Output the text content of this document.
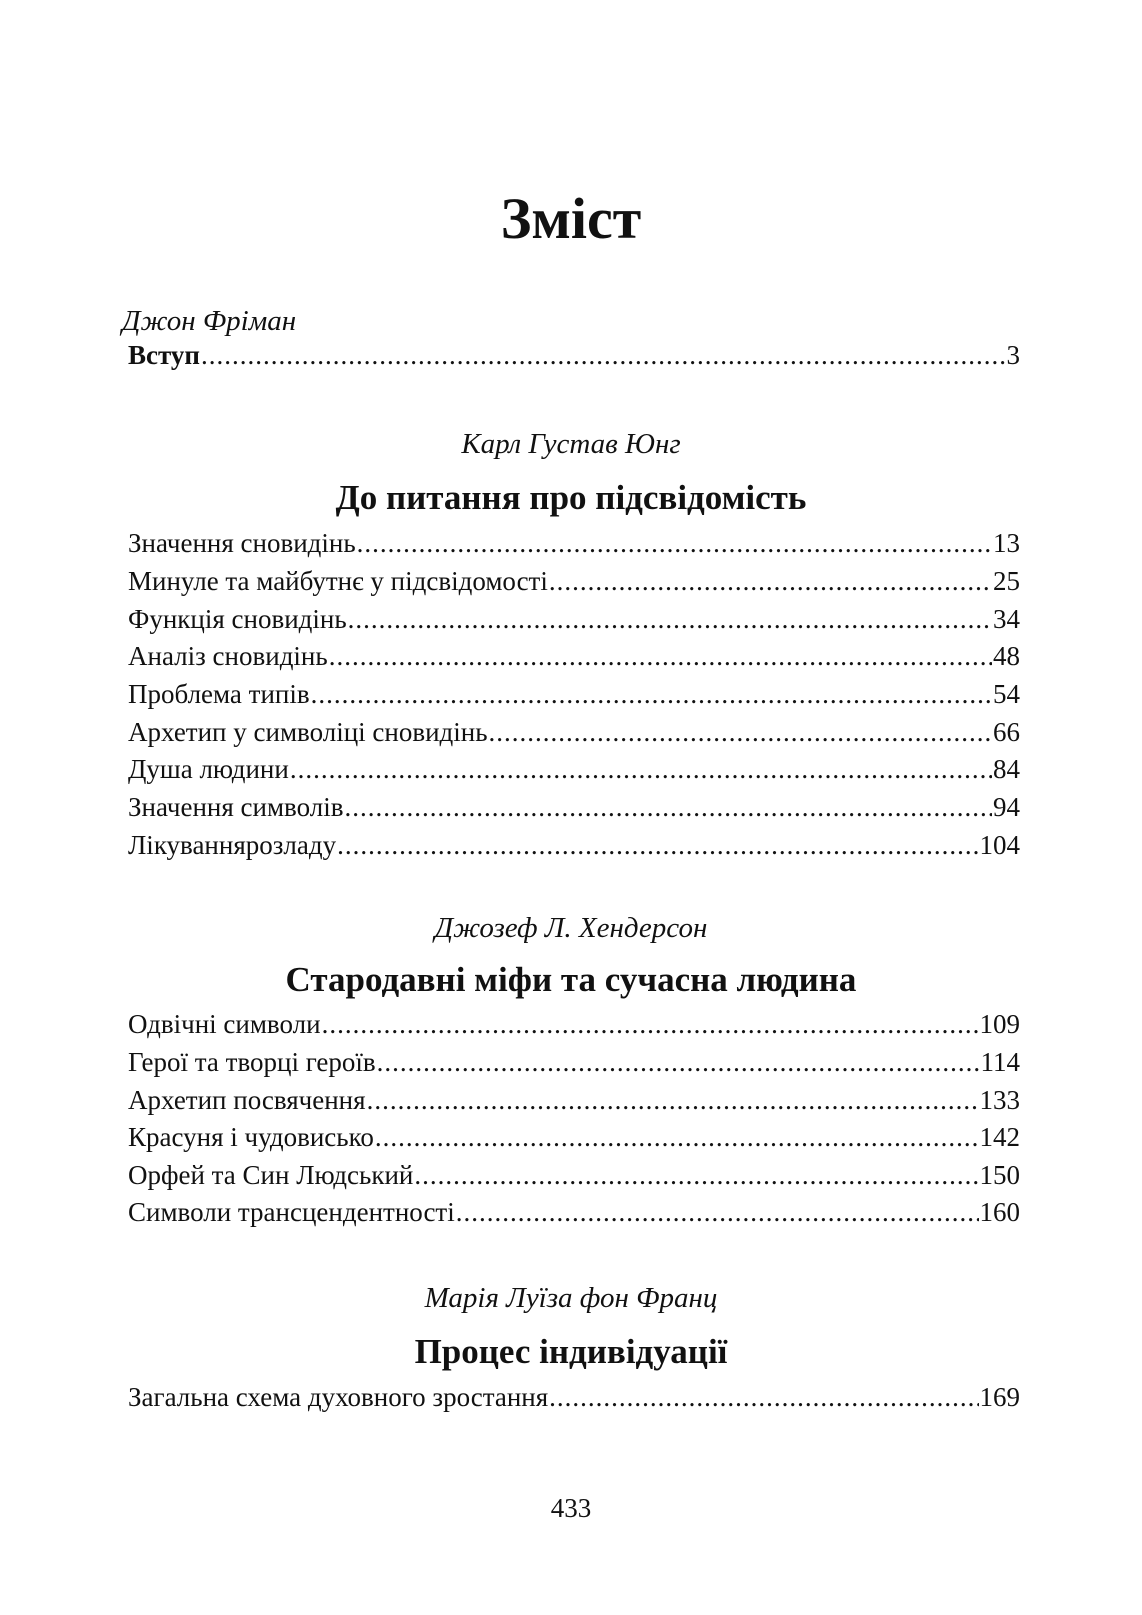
Зміст
Джон Фріман
Вступ .....	3
Карл Густав Юнг
До питання про підсвідомість
Значення сновидінь .....	13
Минуле та майбутнє у підсвідомості .....	25
Функція сновидінь .....	34
Аналіз сновидінь .....	48
Проблема типів .....	54
Архетип у символіці сновидінь .....	66
Душа людини .....	84
Значення символів .....	94
Лікуваннярозладу .....	104
Джозеф Л. Хендерсон
Стародавні міфи та сучасна людина
Одвічні символи .....	109
Герої та творці героїв .....	114
Архетип посвячення .....	133
Красуня і чудовисько .....	142
Орфей та Син Людський .....	150
Символи трансцендентності .....	160
Марія Луїза фон Франц
Процес індивідуації
Загальна схема духовного зростання .....	169
433
